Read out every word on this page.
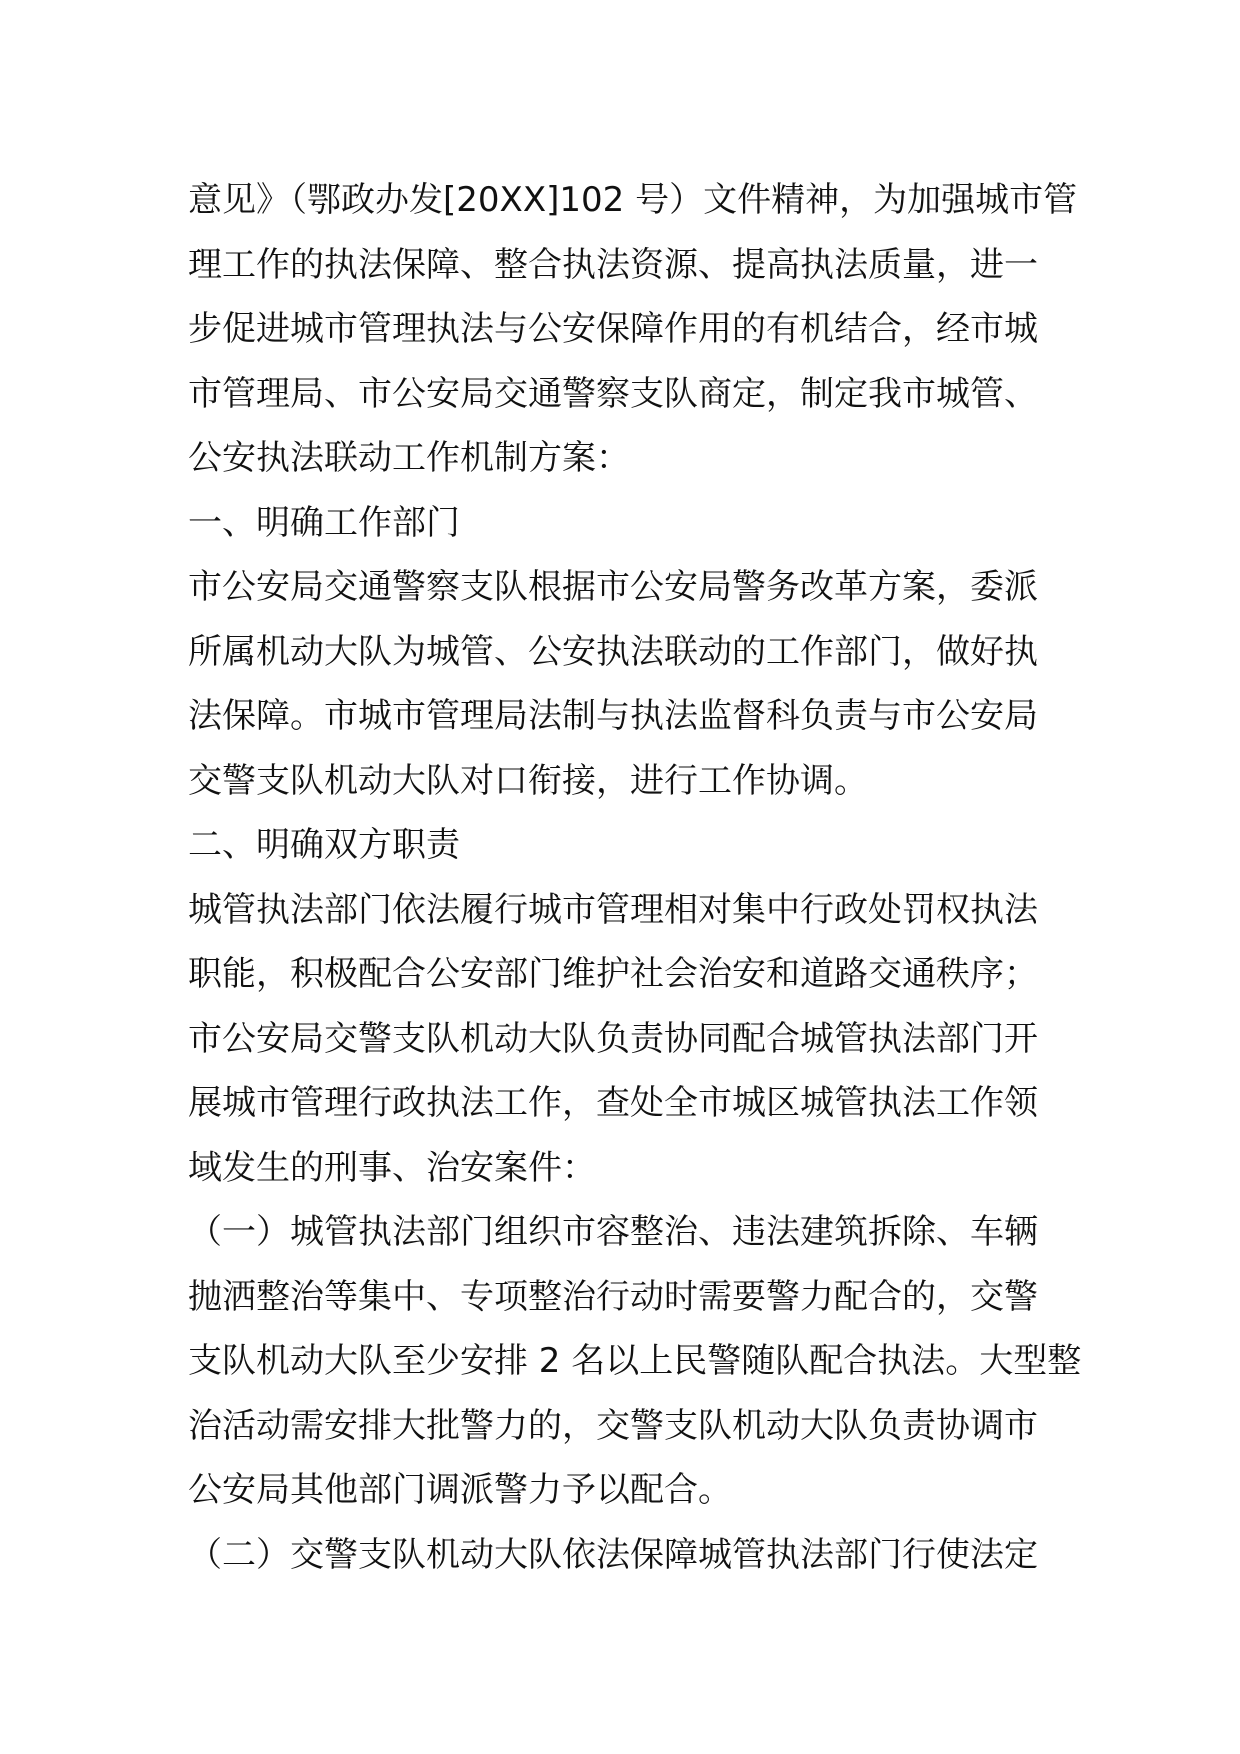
意见》（鄂政办发[20XX]102 号）文件精神，为加强城市管
理工作的执法保障、整合执法资源、提高执法质量，进一
步促进城市管理执法与公安保障作用的有机结合，经市城
市管理局、市公安局交通警察支队商定，制定我市城管、
公安执法联动工作机制方案：
一、明确工作部门
市公安局交通警察支队根据市公安局警务改革方案，委派
所属机动大队为城管、公安执法联动的工作部门，做好执
法保障。市城市管理局法制与执法监督科负责与市公安局
交警支队机动大队对口衔接，进行工作协调。
二、明确双方职责
城管执法部门依法履行城市管理相对集中行政处罚权执法
职能，积极配合公安部门维护社会治安和道路交通秩序；
市公安局交警支队机动大队负责协同配合城管执法部门开
展城市管理行政执法工作，查处全市城区城管执法工作领
域发生的刑事、治安案件：
（一）城管执法部门组织市容整治、违法建筑拆除、车辆
抛洒整治等集中、专项整治行动时需要警力配合的，交警
支队机动大队至少安排 2 名以上民警随队配合执法。大型整
治活动需安排大批警力的，交警支队机动大队负责协调市
公安局其他部门调派警力予以配合。
（二）交警支队机动大队依法保障城管执法部门行使法定
